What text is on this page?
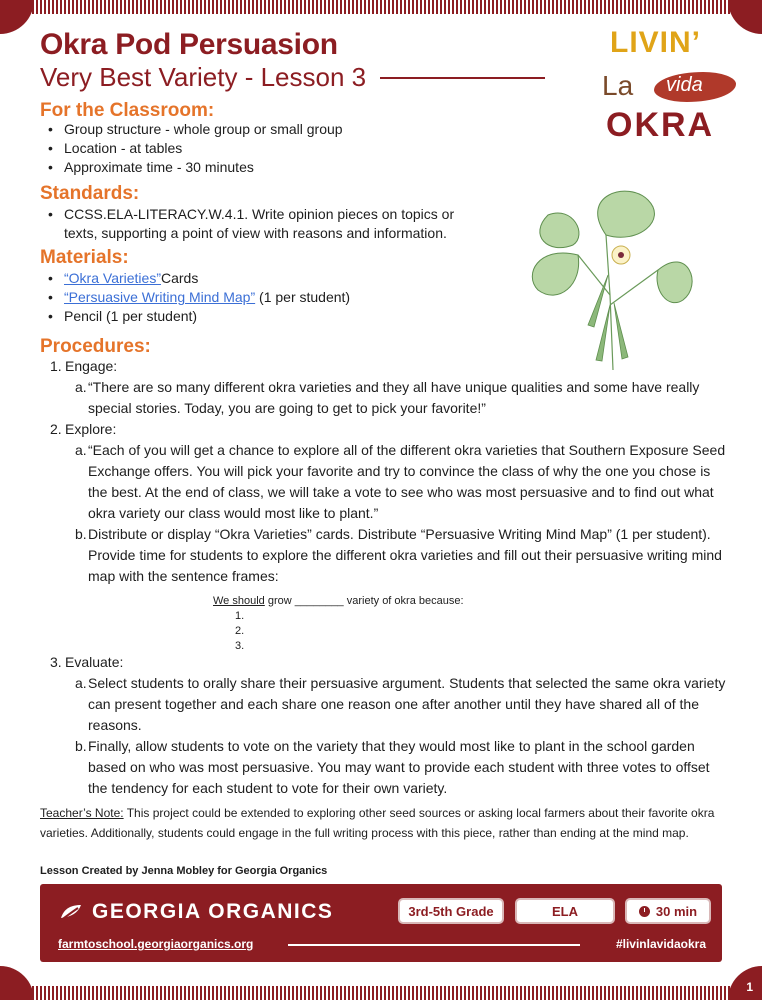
1
Okra Pod Persuasion
Very Best Variety - Lesson 3
LIVIN’
La vida
OKRA
For the Classroom:
• Group structure - whole group or small group
• Location - at tables
• Approximate time - 30 minutes
Standards:
• CCSS.ELA-LITERACY.W.4.1. Write opinion pieces on topics or texts, supporting a point of view with reasons and information.
Materials:
• “Okra Varieties”Cards
• “Persuasive Writing Mind Map” (1 per student)
• Pencil (1 per student)
Procedures:
1. Engage:
a. “There are so many different okra varieties and they all have unique qualities and some have really special stories. Today, you are going to get to pick your favorite!”
2. Explore:
a. “Each of you will get a chance to explore all of the different okra varieties that Southern Exposure Seed Exchange offers. You will pick your favorite and try to convince the class of why the one you chose is the best. At the end of class, we will take a vote to see who was most persuasive and to find out what okra variety our class would most like to plant.”
b. Distribute or display “Okra Varieties” cards. Distribute “Persuasive Writing Mind Map” (1 per student). Provide time for students to explore the different okra varieties and fill out their persuasive writing mind map with the sentence frames:
We should grow ________ variety of okra because:
1.
2.
3.
3. Evaluate:
a. Select students to orally share their persuasive argument. Students that selected the same okra variety can present together and each share one reason one after another until they have shared all of the reasons.
b. Finally, allow students to vote on the variety that they would most like to plant in the school garden based on who was most persuasive. You may want to provide each student with three votes to offset the tendency for each student to vote for their own variety.
Teacher’s Note: This project could be extended to exploring other seed sources or asking local farmers about their favorite okra varieties. Additionally, students could engage in the full writing process with this piece, rather than ending at the mind map.
Lesson Created by Jenna Mobley for Georgia Organics
GEORGIA ORGANICS	3rd-5th Grade	ELA	30 min
farmtoschool.georgiaorganics.org	#livinlavidaokra
